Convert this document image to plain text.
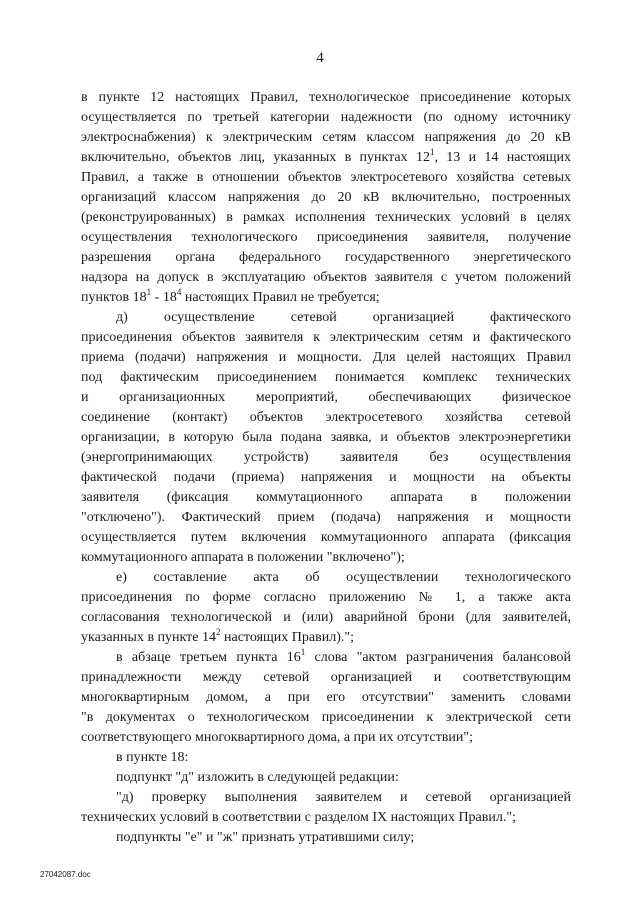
4
в пункте 12 настоящих Правил, технологическое присоединение которых
осуществляется по третьей категории надежности (по одному источнику
электроснабжения) к электрическим сетям классом напряжения до 20 кВ
включительно, объектов лиц, указанных в пунктах $12^1$, 13 и 14 настоящих
Правил, а также в отношении объектов электросетевого хозяйства сетевых
организаций классом напряжения до 20 кВ включительно, построенных
(реконструированных) в рамках исполнения технических условий в целях
осуществления технологического присоединения заявителя, получение
разрешения органа федерального государственного энергетического
надзора на допуск в эксплуатацию объектов заявителя с учетом положений
пунктов $18^1 - 18^4$ настоящих Правил не требуется;
д) осуществление сетевой организацией фактического
присоединения объектов заявителя к электрическим сетям и фактического
приема (подачи) напряжения и мощности. Для целей настоящих Правил
под фактическим присоединением понимается комплекс технических
и организационных мероприятий, обеспечивающих физическое
соединение (контакт) объектов электросетевого хозяйства сетевой
организации, в которую была подана заявка, и объектов электроэнергетики
(энергопринимающих устройств) заявителя без осуществления
фактической подачи (приема) напряжения и мощности на объекты
заявителя (фиксация коммутационного аппарата в положении
"отключено"). Фактический прием (подача) напряжения и мощности
осуществляется путем включения коммутационного аппарата (фиксация
коммутационного аппарата в положении "включено");
е) составление акта об осуществлении технологического
присоединения по форме согласно приложению № 1, а также акта
согласования технологической и (или) аварийной брони (для заявителей,
указанных в пункте $14^2$ настоящих Правил).";
в абзаце третьем пункта $16^1$ слова "актом разграничения балансовой
принадлежности между сетевой организацией и соответствующим
многоквартирным домом, а при его отсутствии" заменить словами
"в документах о технологическом присоединении к электрической сети
соответствующего многоквартирного дома, а при их отсутствии";
в пункте 18:
подпункт "д" изложить в следующей редакции:
"д) проверку выполнения заявителем и сетевой организацией
технических условий в соответствии с разделом IX настоящих Правил.";
подпункты "е" и "ж" признать утратившими силу;
27042087.doc
